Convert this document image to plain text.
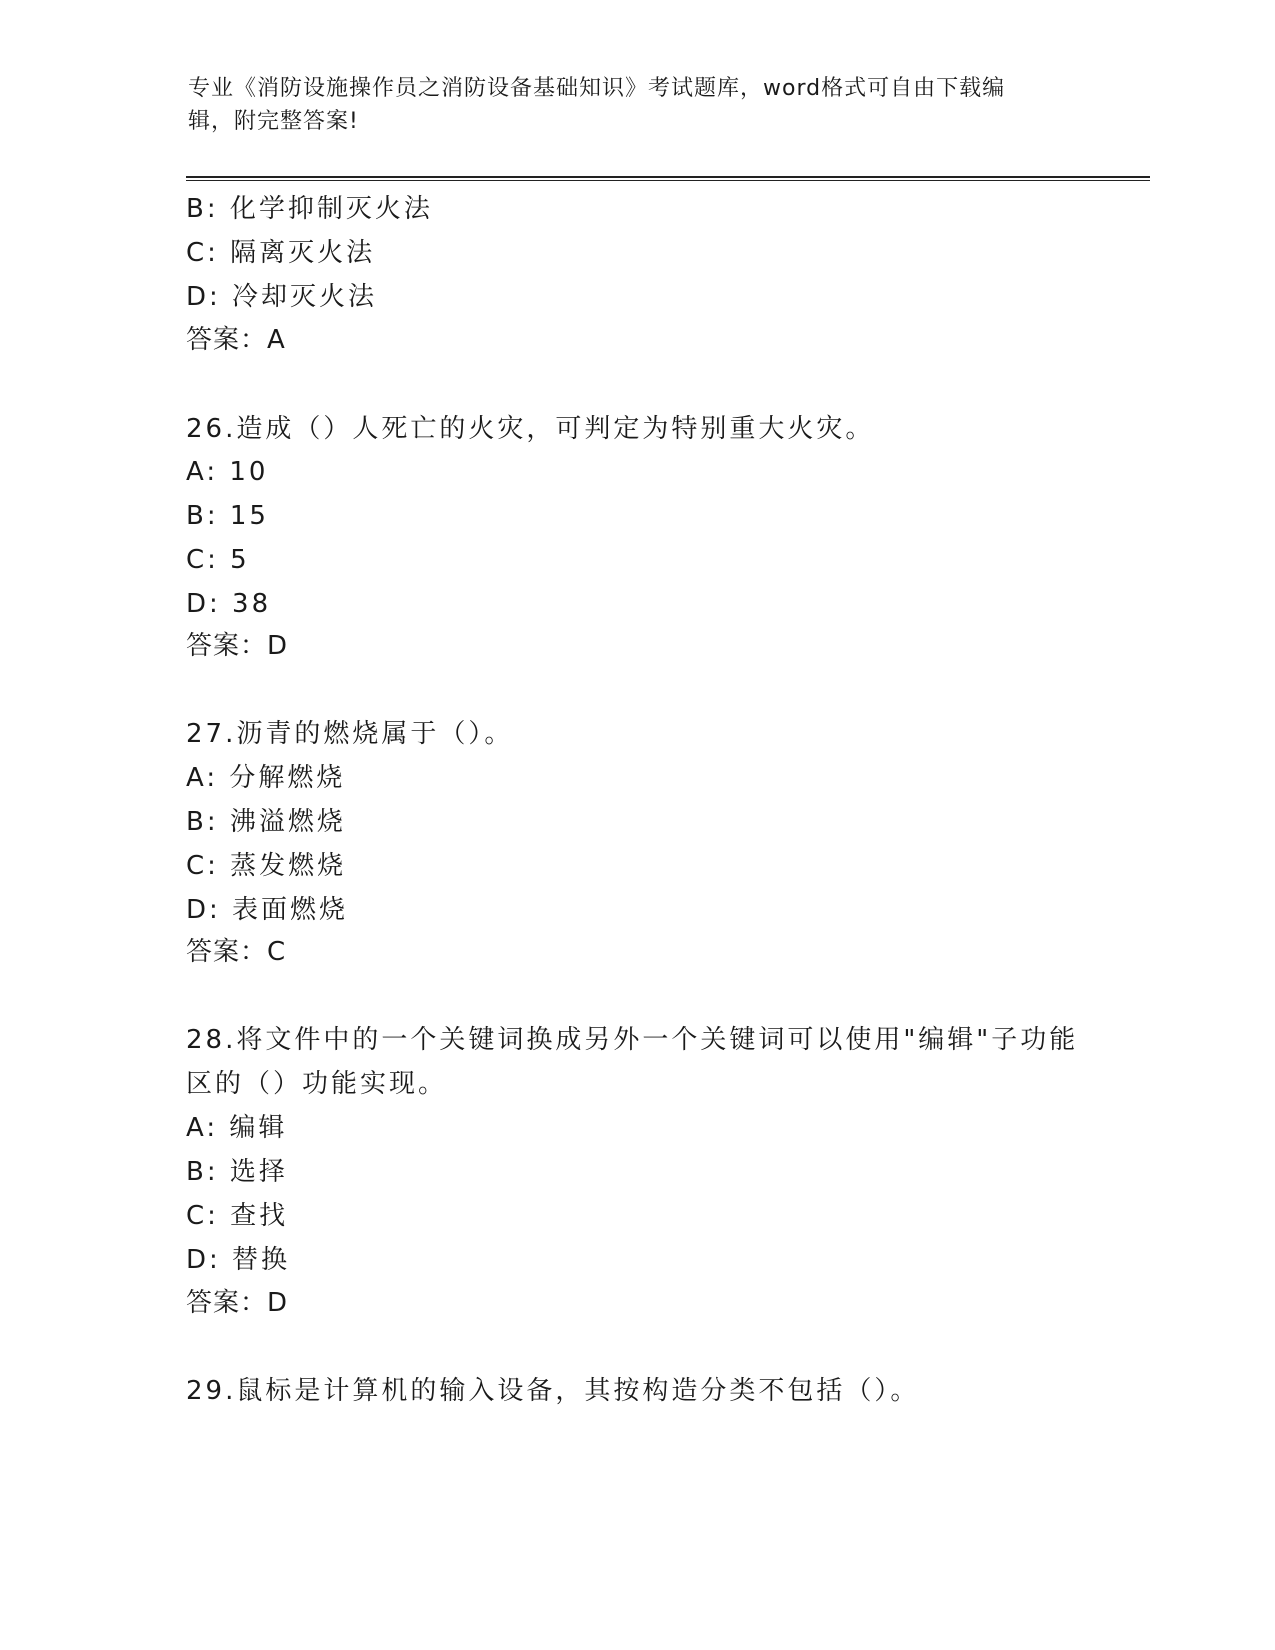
专业《消防设施操作员之消防设备基础知识》考试题库，word格式可自由下载编
辑，附完整答案!
B: 化学抑制灭火法
C: 隔离灭火法
D: 冷却灭火法
答案：A
26.造成（）人死亡的火灾，可判定为特别重大火灾。
A: 10
B: 15
C: 5
D: 38
答案：D
27.沥青的燃烧属于（）。
A: 分解燃烧
B: 沸溢燃烧
C: 蒸发燃烧
D: 表面燃烧
答案：C
28.将文件中的一个关键词换成另外一个关键词可以使用"编辑"子功能
区的（）功能实现。
A: 编辑
B: 选择
C: 查找
D: 替换
答案：D
29.鼠标是计算机的输入设备，其按构造分类不包括（）。
